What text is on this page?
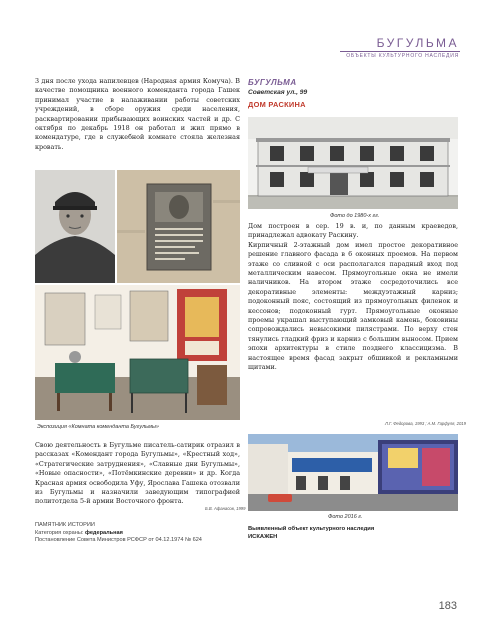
БУГУЛЬМА
ОБЪЕКТЫ КУЛЬТУРНОГО НАСЛЕДИЯ

3 дня после ухода напилевцев (Народная армия Комуча). В качестве помощника военного коменданта города Гашек принимал участие в налаживании работы советских учреждений, в сборе оружия среди населения, расквартировании прибывающих воинских частей и др. С октября по декабрь 1918 он работал и жил прямо в комендатуре, где в служебной комнате стояла железная кровать.

БУГУЛЬМА
Советская ул., 99
ДОМ РАСКИНА
Фото до 1980-х гг.

Дом построен в сер. 19 в. и, по данным краеведов, принадлежал адвокату Раскину.

Кирпичный 2-этажный дом имел простое декоративное решение главного фасада в 6 оконных проемов. На первом этаже со сливной с оси располагался парадный вход под металлическим навесом. Прямоугольные окна не имели наличников. На втором этаже сосредоточились все декоративные элементы: междуэтажный карниз; подоконный пояс, состоящий из прямоугольных филенок и кессонов; подоконный гурт. Прямоугольные оконные проемы украшал выступающий замковый камень, боковины сопровождались невысокими пилястрами. По верху стен тянулись гладкий фриз и карниз с большим выносом. Прием эпохи архитектуры в стиле позднего классицизма. В настоящее время фасад закрыт обшивкой и рекламными щитами.

Л.Г. Федорова, 1993 ; А.М. Гарфуля, 2019
Экспозиция «Комната коменданта Бугульмы»

Свою деятельность в Бугульме писатель-сатирик отразил в рассказах «Комендант города Бугульмы», «Крестный ход», «Стратегические затруднения», «Славные дни Бугульмы», «Новые опасности», «Потёмкинские деревни» и др. Когда Красная армия освободила Уфу, Ярослава Гашека отозвали из Бугульмы и назначили заведующим типографией политотдела 5-й армии Восточного фронта.

Б.В. Афанасов, 1999
Фото 2016 г.
ПАМЯТНИК ИСТОРИИ
Категория охраны: федеральная
Постановление Совета Министров РСФСР от 04.12.1974 № 624
Выявленный объект культурного наследия
ИСКАЖЕН
183
